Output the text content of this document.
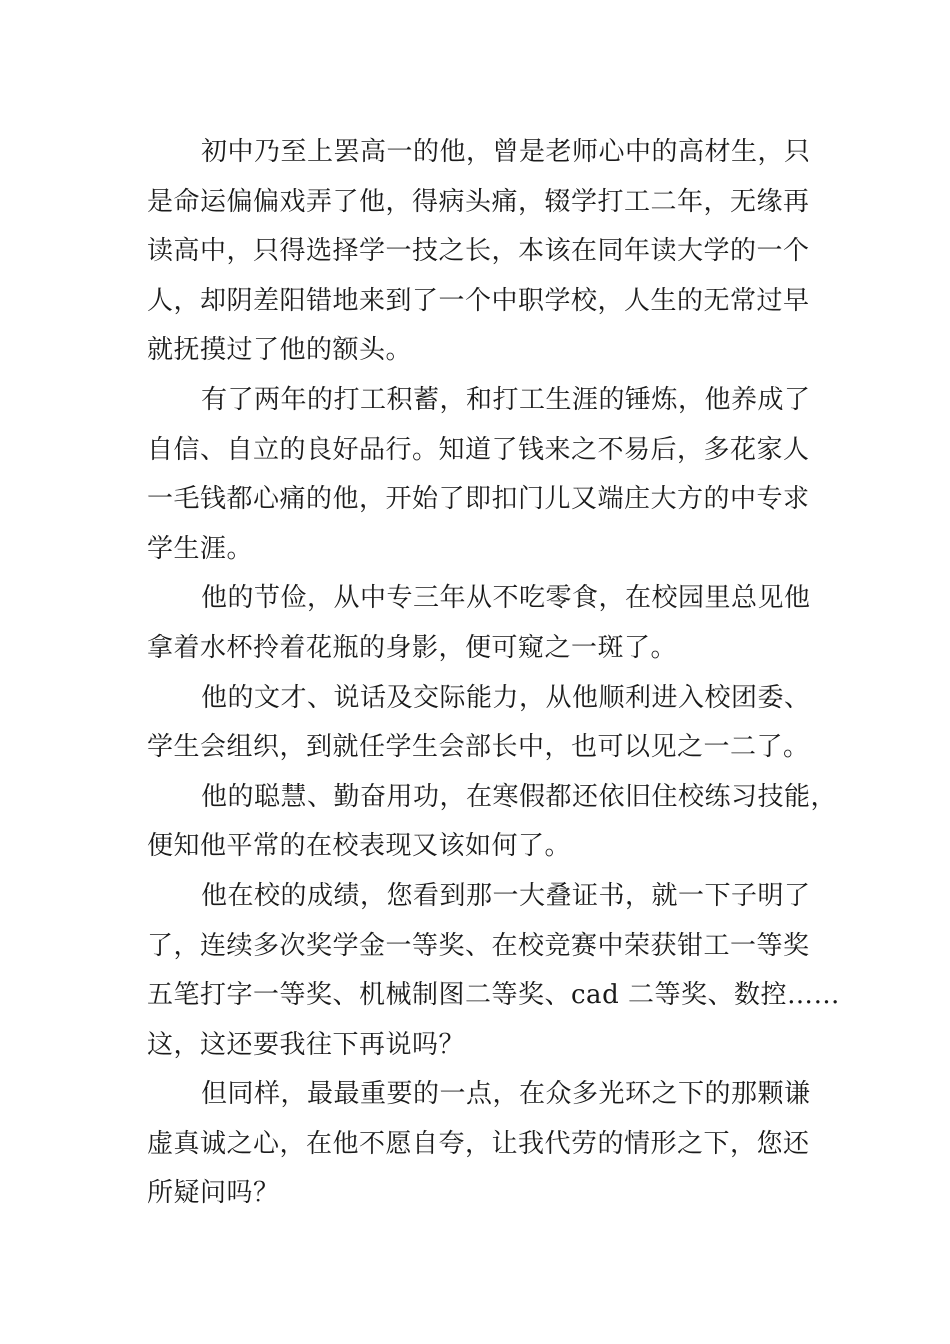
初中乃至上罢高一的他，曾是老师心中的高材生，只
是命运偏偏戏弄了他，得病头痛，辍学打工二年，无缘再
读高中，只得选择学一技之长，本该在同年读大学的一个
人，却阴差阳错地来到了一个中职学校，人生的无常过早
就抚摸过了他的额头。
有了两年的打工积蓄，和打工生涯的锤炼，他养成了
自信、自立的良好品行。知道了钱来之不易后，多花家人
一毛钱都心痛的他，开始了即扣门儿又端庄大方的中专求
学生涯。
他的节俭，从中专三年从不吃零食，在校园里总见他
拿着水杯拎着花瓶的身影，便可窥之一斑了。
他的文才、说话及交际能力，从他顺利进入校团委、
学生会组织，到就任学生会部长中，也可以见之一二了。
他的聪慧、勤奋用功，在寒假都还依旧住校练习技能，
便知他平常的在校表现又该如何了。
他在校的成绩，您看到那一大叠证书，就一下子明了
了，连续多次奖学金一等奖、在校竞赛中荣获钳工一等奖
五笔打字一等奖、机械制图二等奖、cad 二等奖、数控……
这，这还要我往下再说吗？
但同样，最最重要的一点，在众多光环之下的那颗谦
虚真诚之心，在他不愿自夸，让我代劳的情形之下，您还
所疑问吗？
